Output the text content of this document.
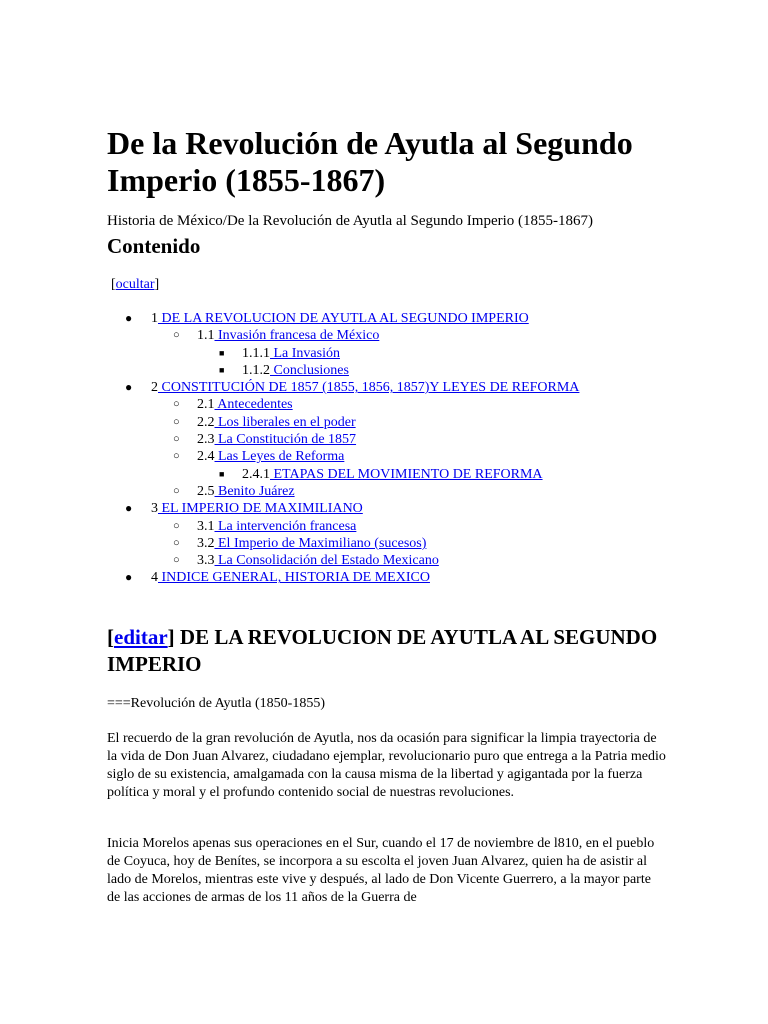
De la Revolución de Ayutla al Segundo Imperio (1855-1867)
Historia de México/De la Revolución de Ayutla al Segundo Imperio (1855-1867)
Contenido
[ocultar]
● 1 DE LA REVOLUCION DE AYUTLA AL SEGUNDO IMPERIO
○ 1.1 Invasión francesa de México
■ 1.1.1 La Invasión
■ 1.1.2 Conclusiones
● 2 CONSTITUCIÓN DE 1857 (1855, 1856, 1857)Y LEYES DE REFORMA
○ 2.1 Antecedentes
○ 2.2 Los liberales en el poder
○ 2.3 La Constitución de 1857
○ 2.4 Las Leyes de Reforma
■ 2.4.1 ETAPAS DEL MOVIMIENTO DE REFORMA
○ 2.5 Benito Juárez
● 3 EL IMPERIO DE MAXIMILIANO
○ 3.1 La intervención francesa
○ 3.2 El Imperio de Maximiliano (sucesos)
○ 3.3 La Consolidación del Estado Mexicano
● 4 INDICE GENERAL, HISTORIA DE MEXICO
[editar] DE LA REVOLUCION DE AYUTLA AL SEGUNDO IMPERIO
===Revolución de Ayutla (1850-1855)

El recuerdo de la gran revolución de Ayutla, nos da ocasión para significar la limpia trayectoria de la vida de Don Juan Alvarez, ciudadano ejemplar, revolucionario puro que entrega a la Patria medio siglo de su existencia, amalgamada con la causa misma de la libertad y agigantada por la fuerza política y moral y el profundo contenido social de nuestras revoluciones.

Inicia Morelos apenas sus operaciones en el Sur, cuando el 17 de noviembre de l810, en el pueblo de Coyuca, hoy de Benítes, se incorpora a su escolta el joven Juan Alvarez, quien ha de asistir al lado de Morelos, mientras este vive y después, al lado de Don Vicente Guerrero, a la mayor parte de las acciones de armas de los 11 años de la Guerra de
